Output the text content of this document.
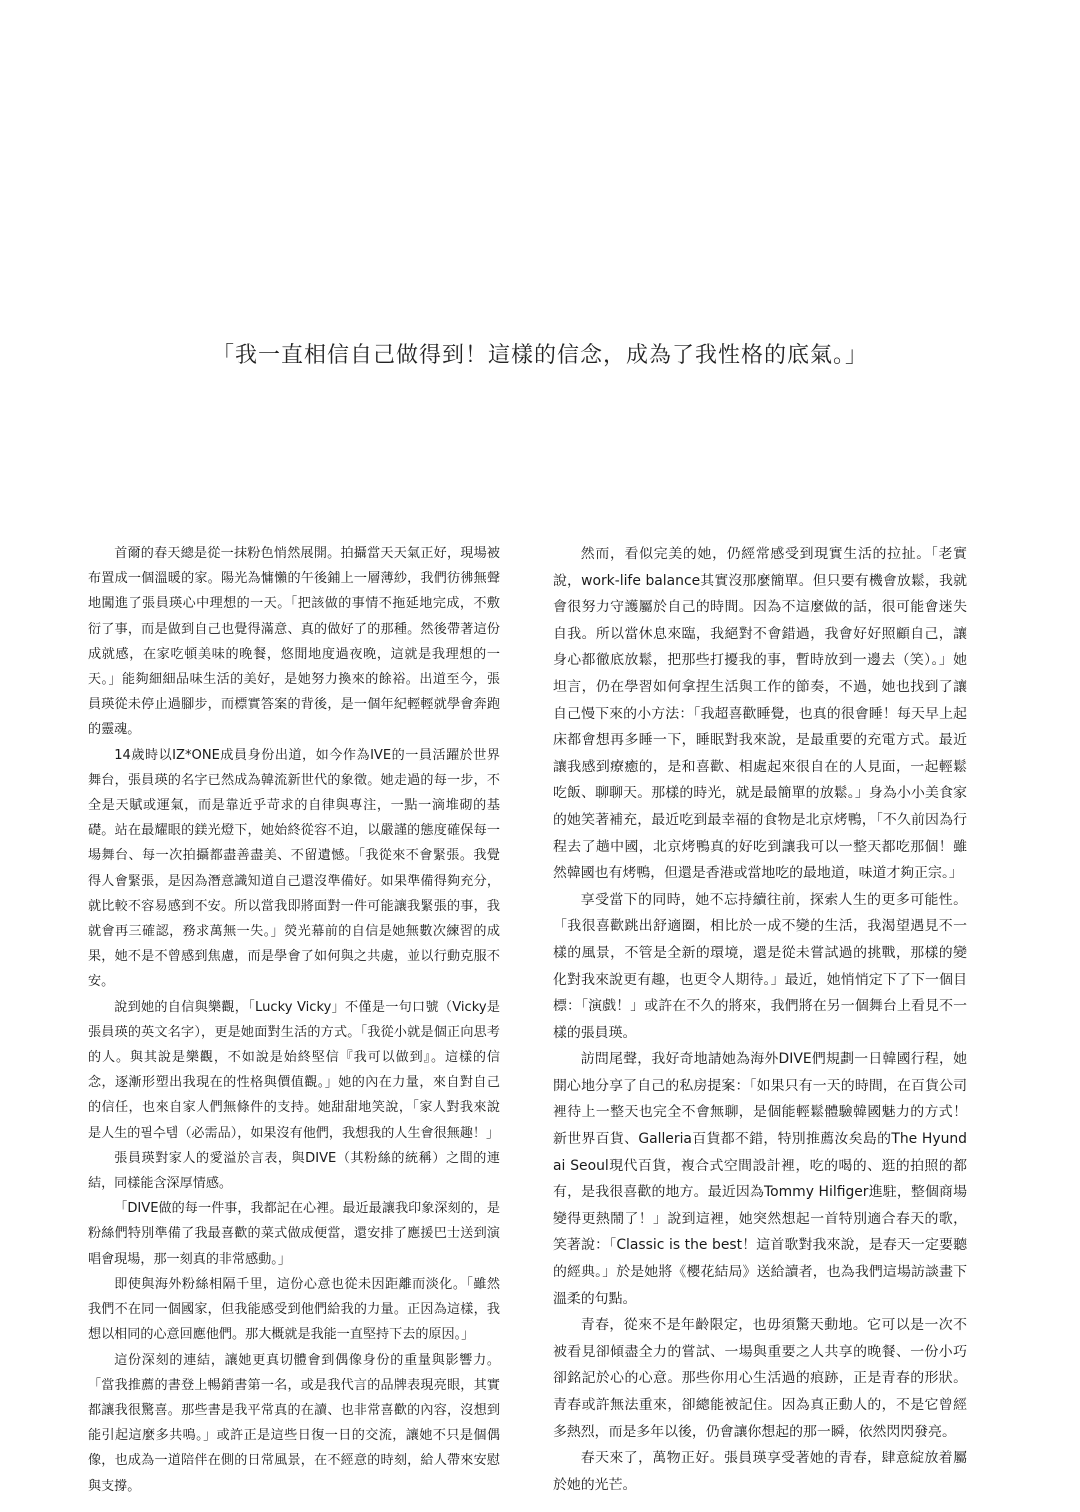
「我一直相信自己做得到！這樣的信念，成為了我性格的底氣。」

首爾的春天總是從一抹粉色悄然展開。拍攝當天天氣正好，現場被布置成一個溫暖的家。陽光為慵懶的午後鋪上一層薄紗，我們彷彿無聲地闖進了張員瑛心中理想的一天。「把該做的事情不拖延地完成，不敷衍了事，而是做到自己也覺得滿意、真的做好了的那種。然後帶著這份成就感，在家吃頓美味的晚餐，悠閒地度過夜晚，這就是我理想的一天。」能夠細細品味生活的美好，是她努力換來的餘裕。出道至今，張員瑛從未停止過腳步，而標實答案的背後，是一個年紀輕輕就學會奔跑的靈魂。

14歲時以IZ*ONE成員身份出道，如今作為IVE的一員活躍於世界舞台，張員瑛的名字已然成為韓流新世代的象徵。她走過的每一步，不全是天賦或運氣，而是靠近乎苛求的自律與專注，一點一滴堆砌的基礎。站在最耀眼的鎂光燈下，她始終從容不迫，以嚴謹的態度確保每一場舞台、每一次拍攝都盡善盡美、不留遺憾。「我從來不會緊張。我覺得人會緊張，是因為潛意識知道自己還沒準備好。如果準備得夠充分，就比較不容易感到不安。所以當我即將面對一件可能讓我緊張的事，我就會再三確認，務求萬無一失。」熒光幕前的自信是她無數次練習的成果，她不是不曾感到焦慮，而是學會了如何與之共處，並以行動克服不安。

說到她的自信與樂觀，「Lucky Vicky」不僅是一句口號（Vicky是張員瑛的英文名字），更是她面對生活的方式。「我從小就是個正向思考的人。與其說是樂觀，不如說是始終堅信『我可以做到』。這樣的信念，逐漸形塑出我現在的性格與價值觀。」她的內在力量，來自對自己的信任，也來自家人們無條件的支持。她甜甜地笑說，「家人對我來說是人生的필수템（必需品），如果沒有他們，我想我的人生會很無趣！」

張員瑛對家人的愛溢於言表，與DIVE（其粉絲的統稱）之間的連結，同樣能含深厚情感。

「DIVE做的每一件事，我都記在心裡。最近最讓我印象深刻的，是粉絲們特別準備了我最喜歡的菜式做成便當，還安排了應援巴士送到演唱會現場，那一刻真的非常感動。」

即使與海外粉絲相隔千里，這份心意也從未因距離而淡化。「雖然我們不在同一個國家，但我能感受到他們給我的力量。正因為這樣，我想以相同的心意回應他們。那大概就是我能一直堅持下去的原因。」

這份深刻的連結，讓她更真切體會到偶像身份的重量與影響力。「當我推薦的書登上暢銷書第一名，或是我代言的品牌表現亮眼，其實都讓我很驚喜。那些書是我平常真的在讀、也非常喜歡的內容，沒想到能引起這麼多共鳴。」或許正是這些日復一日的交流，讓她不只是個偶像，也成為一道陪伴在側的日常風景，在不經意的時刻，給人帶來安慰與支撐。

然而，看似完美的她，仍經常感受到現實生活的拉扯。「老實說，work-life balance其實沒那麼簡單。但只要有機會放鬆，我就會很努力守護屬於自己的時間。因為不這麼做的話，很可能會迷失自我。所以當休息來臨，我絕對不會錯過，我會好好照顧自己，讓身心都徹底放鬆，把那些打擾我的事，暫時放到一邊去（笑）。」她坦言，仍在學習如何拿捏生活與工作的節奏，不過，她也找到了讓自己慢下來的小方法：「我超喜歡睡覺，也真的很會睡！每天早上起床都會想再多睡一下，睡眠對我來說，是最重要的充電方式。最近讓我感到療癒的，是和喜歡、相處起來很自在的人見面，一起輕鬆吃飯、聊聊天。那樣的時光，就是最簡單的放鬆。」身為小小美食家的她笑著補充，最近吃到最幸福的食物是北京烤鴨，「不久前因為行程去了趟中國，北京烤鴨真的好吃到讓我可以一整天都吃那個！雖然韓國也有烤鴨，但還是香港或當地吃的最地道，味道才夠正宗。」

享受當下的同時，她不忘持續往前，探索人生的更多可能性。「我很喜歡跳出舒適圈，相比於一成不變的生活，我渴望遇見不一樣的風景，不管是全新的環境，還是從未嘗試過的挑戰，那樣的變化對我來說更有趣，也更令人期待。」最近，她悄悄定下了下一個目標：「演戲！」或許在不久的將來，我們將在另一個舞台上看見不一樣的張員瑛。

訪問尾聲，我好奇地請她為海外DIVE們規劃一日韓國行程，她開心地分享了自己的私房提案：「如果只有一天的時間，在百貨公司裡待上一整天也完全不會無聊，是個能輕鬆體驗韓國魅力的方式！新世界百貨、Galleria百貨都不錯，特別推薦汝矣島的The Hyundai Seoul現代百貨，複合式空間設計裡，吃的喝的、逛的拍照的都有，是我很喜歡的地方。最近因為Tommy Hilfiger進駐，整個商場變得更熱鬧了！」說到這裡，她突然想起一首特別適合春天的歌，笑著說：「Classic is the best！這首歌對我來說，是春天一定要聽的經典。」於是她將《櫻花結局》送給讀者，也為我們這場訪談畫下溫柔的句點。

青春，從來不是年齡限定，也毋須驚天動地。它可以是一次不被看見卻傾盡全力的嘗試、一場與重要之人共享的晚餐、一份小巧卻銘記於心的心意。那些你用心生活過的痕跡，正是青春的形狀。青春或許無法重來，卻總能被記住。因為真正動人的，不是它曾經多熱烈，而是多年以後，仍會讓你想起的那一瞬，依然閃閃發亮。

春天來了，萬物正好。張員瑛享受著她的青春，肆意綻放着屬於她的光芒。
